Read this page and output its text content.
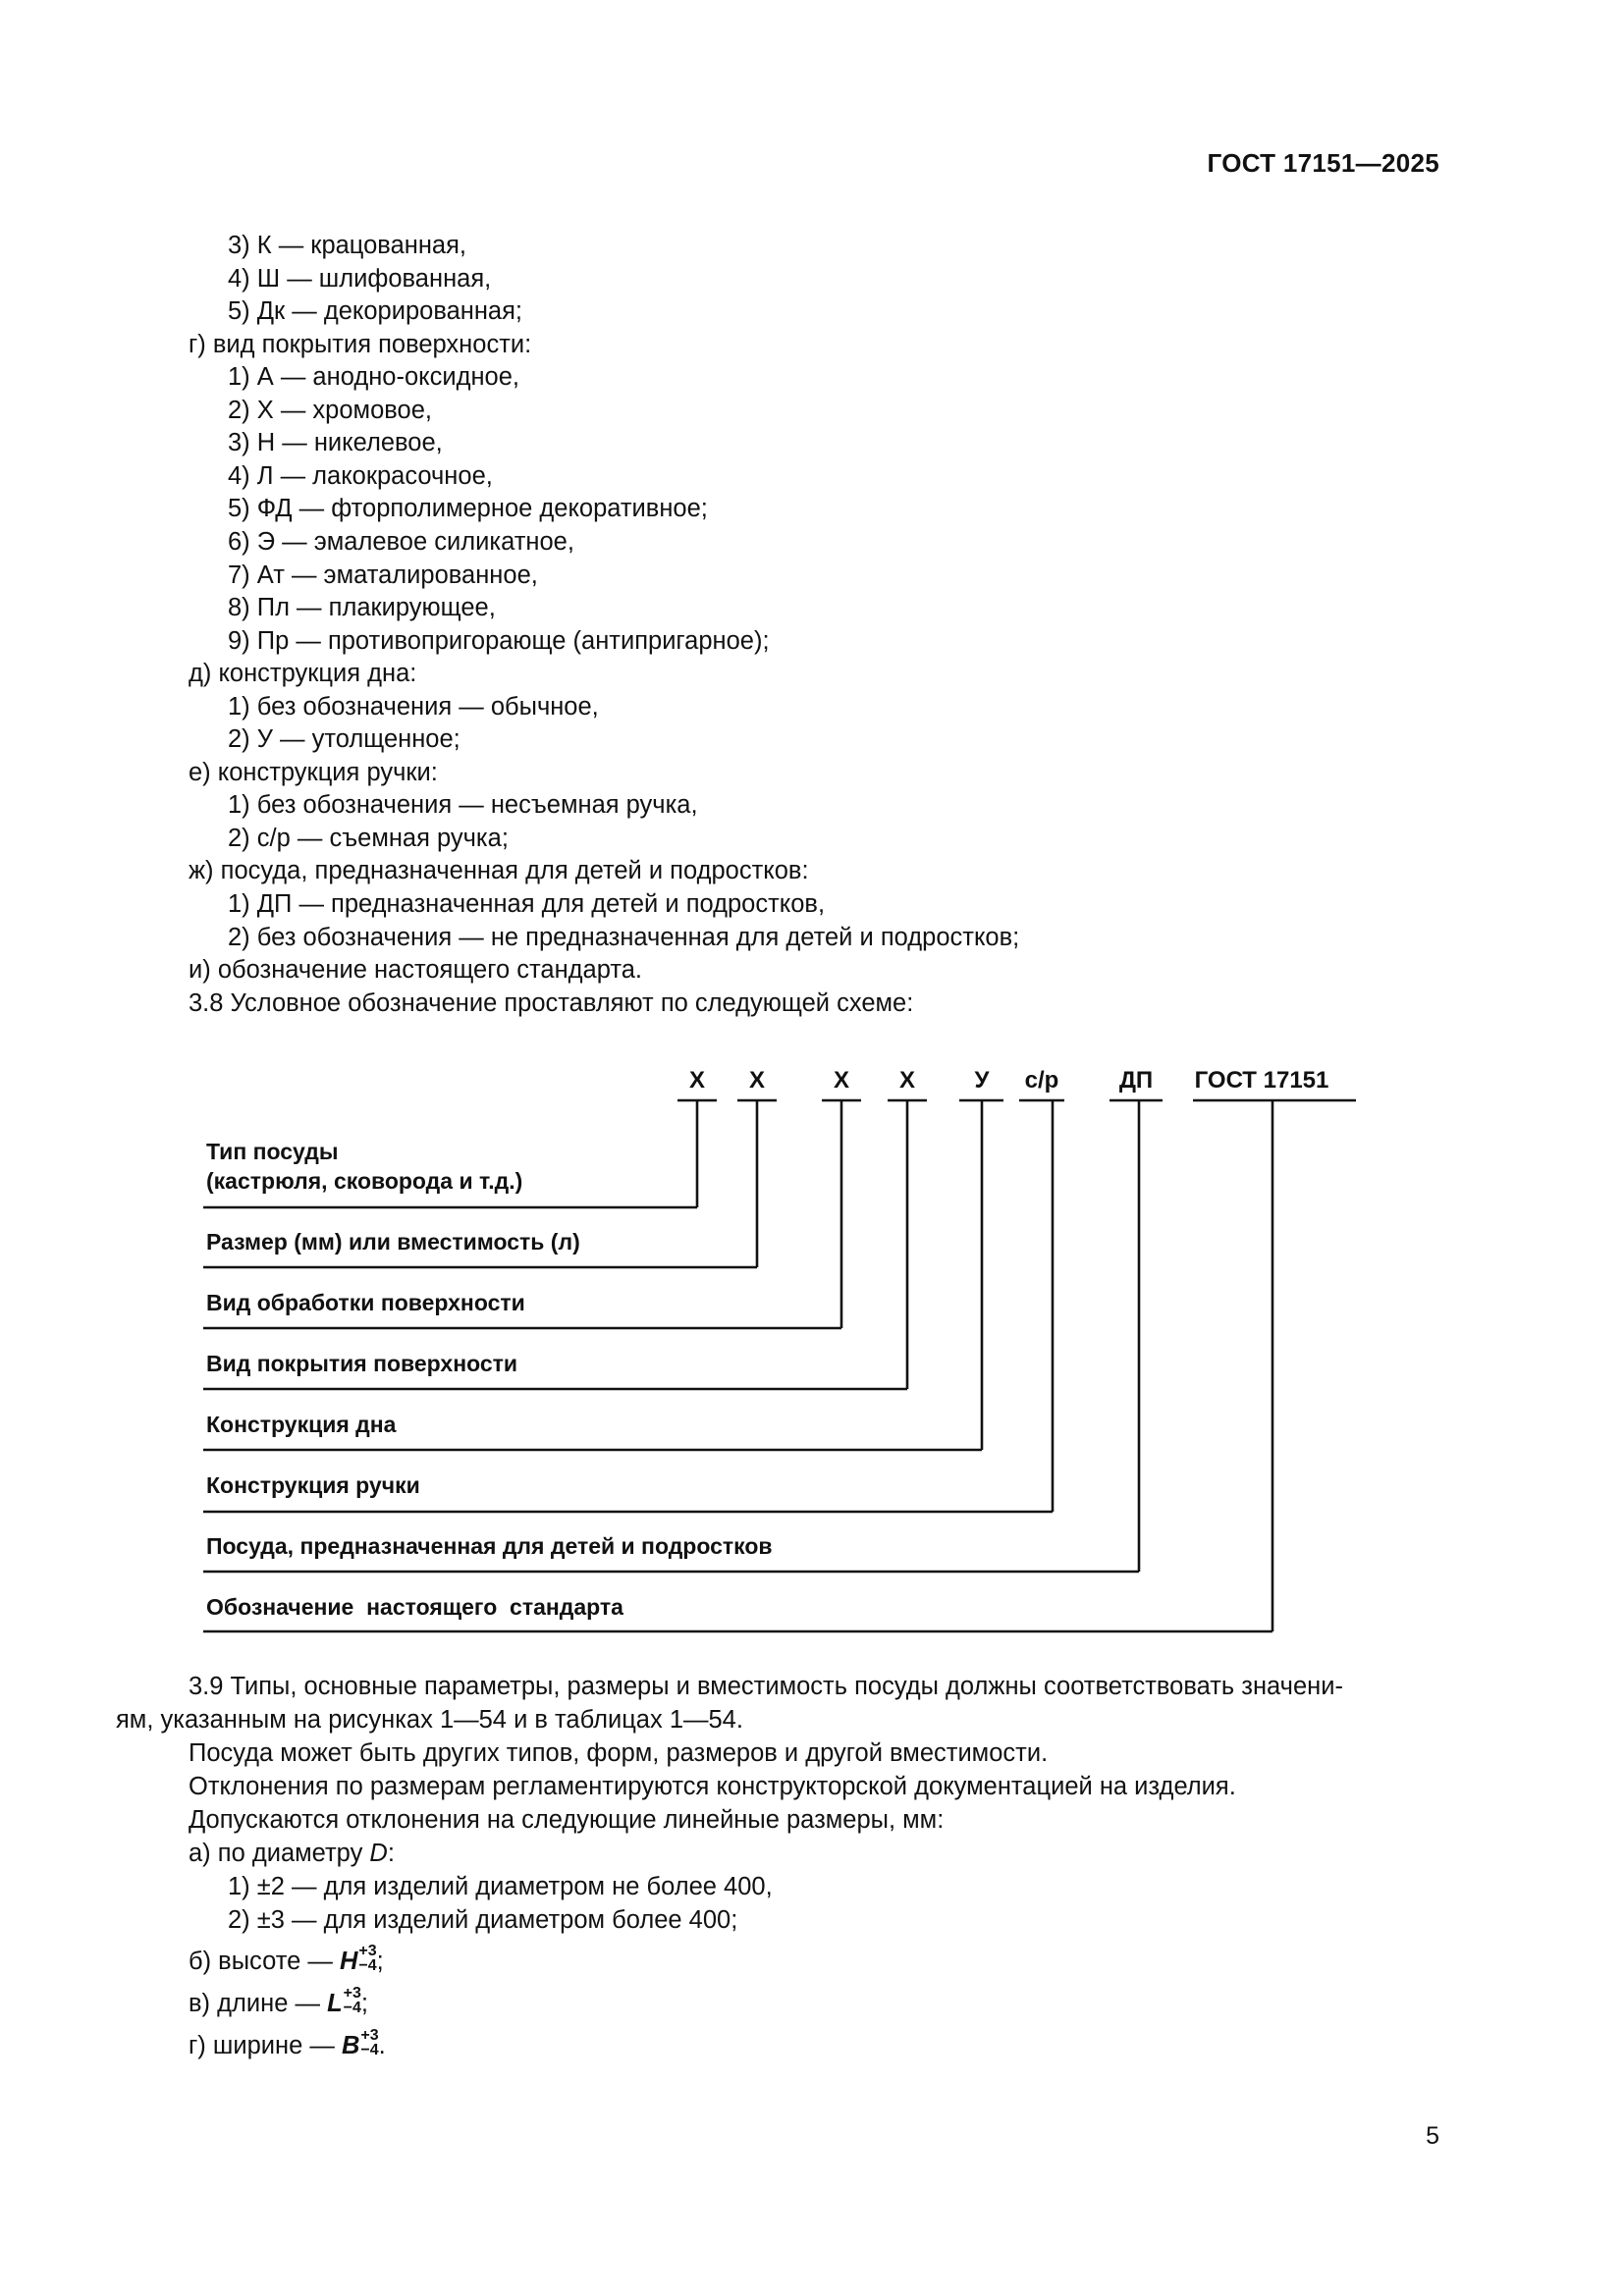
ГОСТ 17151—2025
3) К — крацованная,
4) Ш — шлифованная,
5) Дк — декорированная;
г) вид покрытия поверхности:
1) А — анодно-оксидное,
2) Х — хромовое,
3) Н — никелевое,
4) Л — лакокрасочное,
5) ФД — фторполимерное декоративное;
6) Э — эмалевое силикатное,
7) Ат — эматалированное,
8) Пл — плакирующее,
9) Пр — противопригорающе (антипригарное);
д) конструкция дна:
1) без обозначения — обычное,
2) У — утолщенное;
е) конструкция ручки:
1) без обозначения — несъемная ручка,
2) с/р — съемная ручка;
ж) посуда, предназначенная для детей и подростков:
1) ДП — предназначенная для детей и подростков,
2) без обозначения — не предназначенная для детей и подростков;
и) обозначение настоящего стандарта.
3.8 Условное обозначение проставляют по следующей схеме:
Х Х	Х Х	У с/р	ДП ГОСТ 17151
Тип посуды
(кастрюля, сковорода и т.д.)
Размер (мм) или вместимость (л)
Вид обработки поверхности
Вид покрытия поверхности
Конструкция дна
Конструкция ручки
Посуда, предназначенная для детей и подростков
Обозначение  настоящего  стандарта
3.9 Типы, основные параметры, размеры и вместимость посуды должны соответствовать значени-
ям, указанным на рисунках 1—54 и в таблицах 1—54.
Посуда может быть других типов, форм, размеров и другой вместимости.
Отклонения по размерам регламентируются конструкторской документацией на изделия.
Допускаются отклонения на следующие линейные размеры, мм:
а) по диаметру D:
1) ±2 — для изделий диаметром не более 400,
2) ±3 — для изделий диаметром более 400;
б) высоте — H +3
−4 ;
в) длине — L +3
−4 ;
г) ширине — B +3
−4 .
5
